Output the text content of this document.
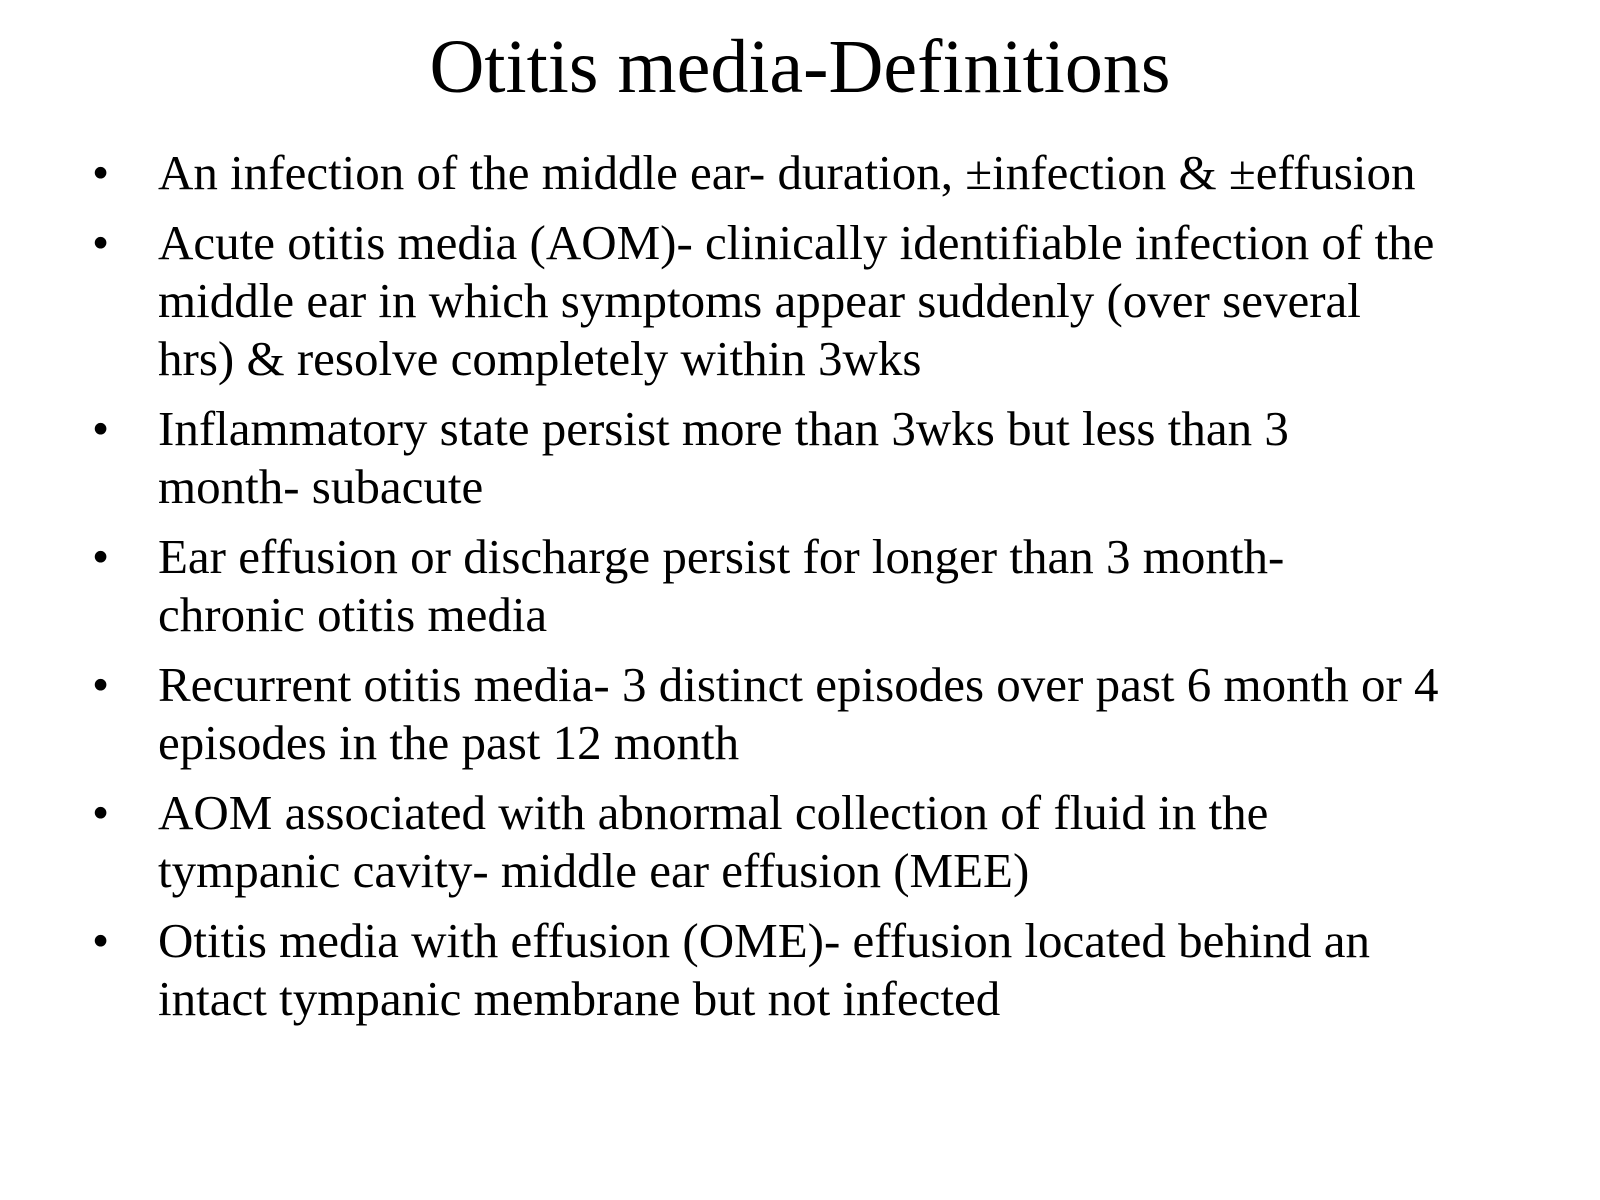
Otitis media-Definitions
• An infection of the middle ear- duration, ±infection & ±effusion
• Acute otitis media (AOM)- clinically identifiable infection of the
middle ear in which symptoms appear suddenly (over several
hrs) & resolve completely within 3wks
• Inflammatory state persist more than 3wks but less than 3
month- subacute
• Ear effusion or discharge persist for longer than 3 month-
chronic otitis media
• Recurrent otitis media- 3 distinct episodes over past 6 month or 4
episodes in the past 12 month
• AOM associated with abnormal collection of fluid in the
tympanic cavity- middle ear effusion (MEE)
• Otitis media with effusion (OME)- effusion located behind an
intact tympanic membrane but not infected
